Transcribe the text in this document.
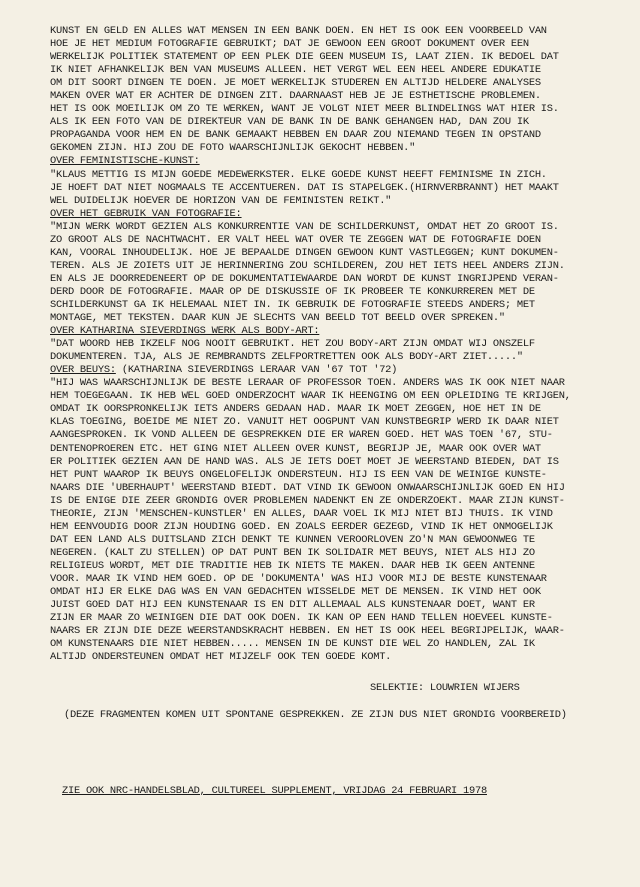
KUNST EN GELD EN ALLES WAT MENSEN IN EEN BANK DOEN. EN HET IS OOK EEN VOORBEELD VAN
HOE JE HET MEDIUM FOTOGRAFIE GEBRUIKT; DAT JE GEWOON EEN GROOT DOKUMENT OVER EEN
WERKELIJK POLITIEK STATEMENT OP EEN PLEK DIE GEEN MUSEUM IS, LAAT ZIEN. IK BEDOEL DAT
IK NIET AFHANKELIJK BEN VAN MUSEUMS ALLEEN. HET VERGT WEL EEN HEEL ANDERE EDUKATIE
OM DIT SOORT DINGEN TE DOEN. JE MOET WERKELIJK STUDEREN EN ALTIJD HELDERE ANALYSES
MAKEN OVER WAT ER ACHTER DE DINGEN ZIT. DAARNAAST HEB JE JE ESTHETISCHE PROBLEMEN.
HET IS OOK MOEILIJK OM ZO TE WERKEN, WANT JE VOLGT NIET MEER BLINDELINGS WAT HIER IS.
ALS IK EEN FOTO VAN DE DIREKTEUR VAN DE BANK IN DE BANK GEHANGEN HAD, DAN ZOU IK
PROPAGANDA VOOR HEM EN DE BANK GEMAAKT HEBBEN EN DAAR ZOU NIEMAND TEGEN IN OPSTAND
GEKOMEN ZIJN. HIJ ZOU DE FOTO WAARSCHIJNLIJK GEKOCHT HEBBEN."
OVER FEMINISTISCHE-KUNST:
"KLAUS METTIG IS MIJN GOEDE MEDEWERKSTER. ELKE GOEDE KUNST HEEFT FEMINISME IN ZICH.
JE HOEFT DAT NIET NOGMAALS TE ACCENTUEREN. DAT IS STAPELGEK.(HIRNVERBRANNT) HET MAAKT
WEL DUIDELIJK HOEVER DE HORIZON VAN DE FEMINISTEN REIKT."
OVER HET GEBRUIK VAN FOTOGRAFIE:
"MIJN WERK WORDT GEZIEN ALS KONKURRENTIE VAN DE SCHILDERKUNST, OMDAT HET ZO GROOT IS.
ZO GROOT ALS DE NACHTWACHT. ER VALT HEEL WAT OVER TE ZEGGEN WAT DE FOTOGRAFIE DOEN
KAN, VOORAL INHOUDELIJK. HOE JE BEPAALDE DINGEN GEWOON KUNT VASTLEGGEN; KUNT DOKUMEN-
TEREN. ALS JE ZOIETS UIT JE HERINNERING ZOU SCHILDEREN, ZOU HET IETS HEEL ANDERS ZIJN.
EN ALS JE DOORREDENEERT OP DE DOKUMENTATIEWAARDE DAN WORDT DE KUNST INGRIJPEND VERAN-
DERD DOOR DE FOTOGRAFIE. MAAR OP DE DISKUSSIE OF IK PROBEER TE KONKURREREN MET DE
SCHILDERKUNST GA IK HELEMAAL NIET IN. IK GEBRUIK DE FOTOGRAFIE STEEDS ANDERS; MET
MONTAGE, MET TEKSTEN. DAAR KUN JE SLECHTS VAN BEELD TOT BEELD OVER SPREKEN."
OVER KATHARINA SIEVERDINGS WERK ALS BODY-ART:
"DAT WOORD HEB IKZELF NOG NOOIT GEBRUIKT. HET ZOU BODY-ART ZIJN OMDAT WIJ ONSZELF
DOKUMENTEREN. TJA, ALS JE REMBRANDTS ZELFPORTRETTEN OOK ALS BODY-ART ZIET....."
OVER BEUYS: (KATHARINA SIEVERDINGS LERAAR VAN '67 TOT '72)
"HIJ WAS WAARSCHIJNLIJK DE BESTE LERAAR OF PROFESSOR TOEN. ANDERS WAS IK OOK NIET NAAR
HEM TOEGEGAAN. IK HEB WEL GOED ONDERZOCHT WAAR IK HEENGING OM EEN OPLEIDING TE KRIJGEN,
OMDAT IK OORSPRONKELIJK IETS ANDERS GEDAAN HAD. MAAR IK MOET ZEGGEN, HOE HET IN DE
KLAS TOEGING, BOEIDE ME NIET ZO. VANUIT HET OOGPUNT VAN KUNSTBEGRIP WERD IK DAAR NIET
AANGESPROKEN. IK VOND ALLEEN DE GESPREKKEN DIE ER WAREN GOED. HET WAS TOEN '67, STU-
DENTENOPROEREN ETC. HET GING NIET ALLEEN OVER KUNST, BEGRIJP JE, MAAR OOK OVER WAT
ER POLITIEK GEZIEN AAN DE HAND WAS. ALS JE IETS DOET MOET JE WEERSTAND BIEDEN, DAT IS
HET PUNT WAAROP IK BEUYS ONGELOFELIJK ONDERSTEUN. HIJ IS EEN VAN DE WEINIGE KUNSTE-
NAARS DIE 'UBERHAUPT' WEERSTAND BIEDT. DAT VIND IK GEWOON ONWAARSCHIJNLIJK GOED EN HIJ
IS DE ENIGE DIE ZEER GRONDIG OVER PROBLEMEN NADENKT EN ZE ONDERZOEKT. MAAR ZIJN KUNST-
THEORIE, ZIJN 'MENSCHEN-KUNSTLER' EN ALLES, DAAR VOEL IK MIJ NIET BIJ THUIS. IK VIND
HEM EENVOUDIG DOOR ZIJN HOUDING GOED. EN ZOALS EERDER GEZEGD, VIND IK HET ONMOGELIJK
DAT EEN LAND ALS DUITSLAND ZICH DENKT TE KUNNEN VEROORLOVEN ZO'N MAN GEWOONWEG TE
NEGEREN. (KALT ZU STELLEN) OP DAT PUNT BEN IK SOLIDAIR MET BEUYS, NIET ALS HIJ ZO
RELIGIEUS WORDT, MET DIE TRADITIE HEB IK NIETS TE MAKEN. DAAR HEB IK GEEN ANTENNE
VOOR. MAAR IK VIND HEM GOED. OP DE 'DOKUMENTA' WAS HIJ VOOR MIJ DE BESTE KUNSTENAAR
OMDAT HIJ ER ELKE DAG WAS EN VAN GEDACHTEN WISSELDE MET DE MENSEN. IK VIND HET OOK
JUIST GOED DAT HIJ EEN KUNSTENAAR IS EN DIT ALLEMAAL ALS KUNSTENAAR DOET, WANT ER
ZIJN ER MAAR ZO WEINIGEN DIE DAT OOK DOEN. IK KAN OP EEN HAND TELLEN HOEVEEL KUNSTE-
NAARS ER ZIJN DIE DEZE WEERSTANDSKRACHT HEBBEN. EN HET IS OOK HEEL BEGRIJPELIJK, WAAR-
OM KUNSTENAARS DIE NIET HEBBEN..... MENSEN IN DE KUNST DIE WEL ZO HANDLEN, ZAL IK
ALTIJD ONDERSTEUNEN OMDAT HET MIJZELF OOK TEN GOEDE KOMT.
SELEKTIE: LOUWRIEN WIJERS
(DEZE FRAGMENTEN KOMEN UIT SPONTANE GESPREKKEN. ZE ZIJN DUS NIET GRONDIG VOORBEREID)
ZIE OOK NRC-HANDELSBLAD, CULTUREEL SUPPLEMENT, VRIJDAG 24 FEBRUARI 1978
